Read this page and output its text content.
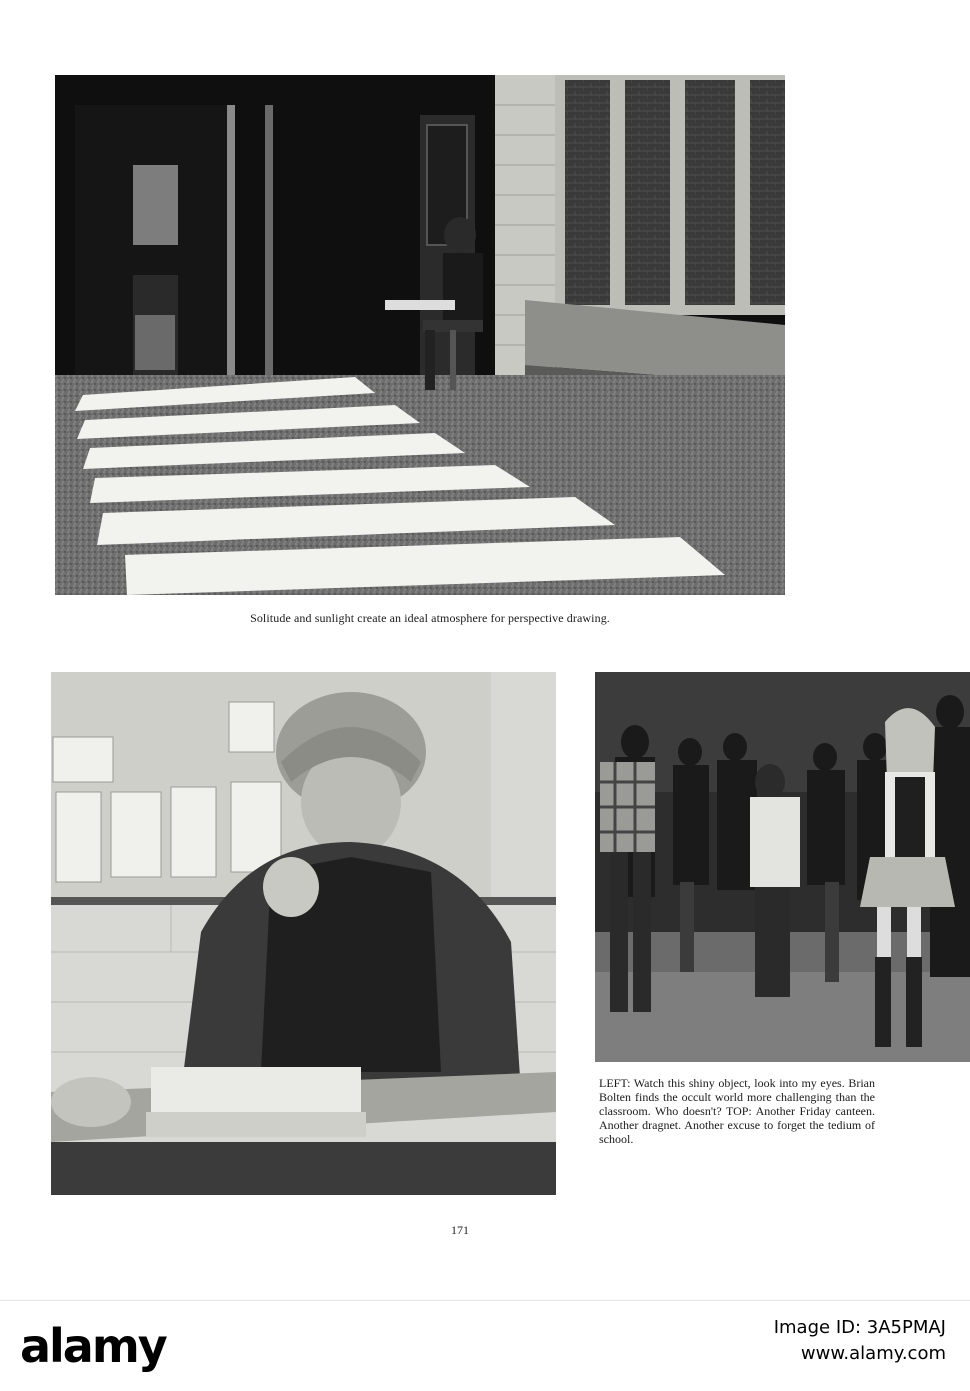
Solitude and sunlight create an ideal atmosphere for perspective drawing.
LEFT: Watch this shiny object, look into my eyes. Brian Bolten finds the occult world more challenging than the classroom. Who doesn't? TOP: Another Friday canteen. Another dragnet. Another excuse to forget the tedium of school.
171
alamy	Image ID: 3A5PMAJ
www.alamy.com
